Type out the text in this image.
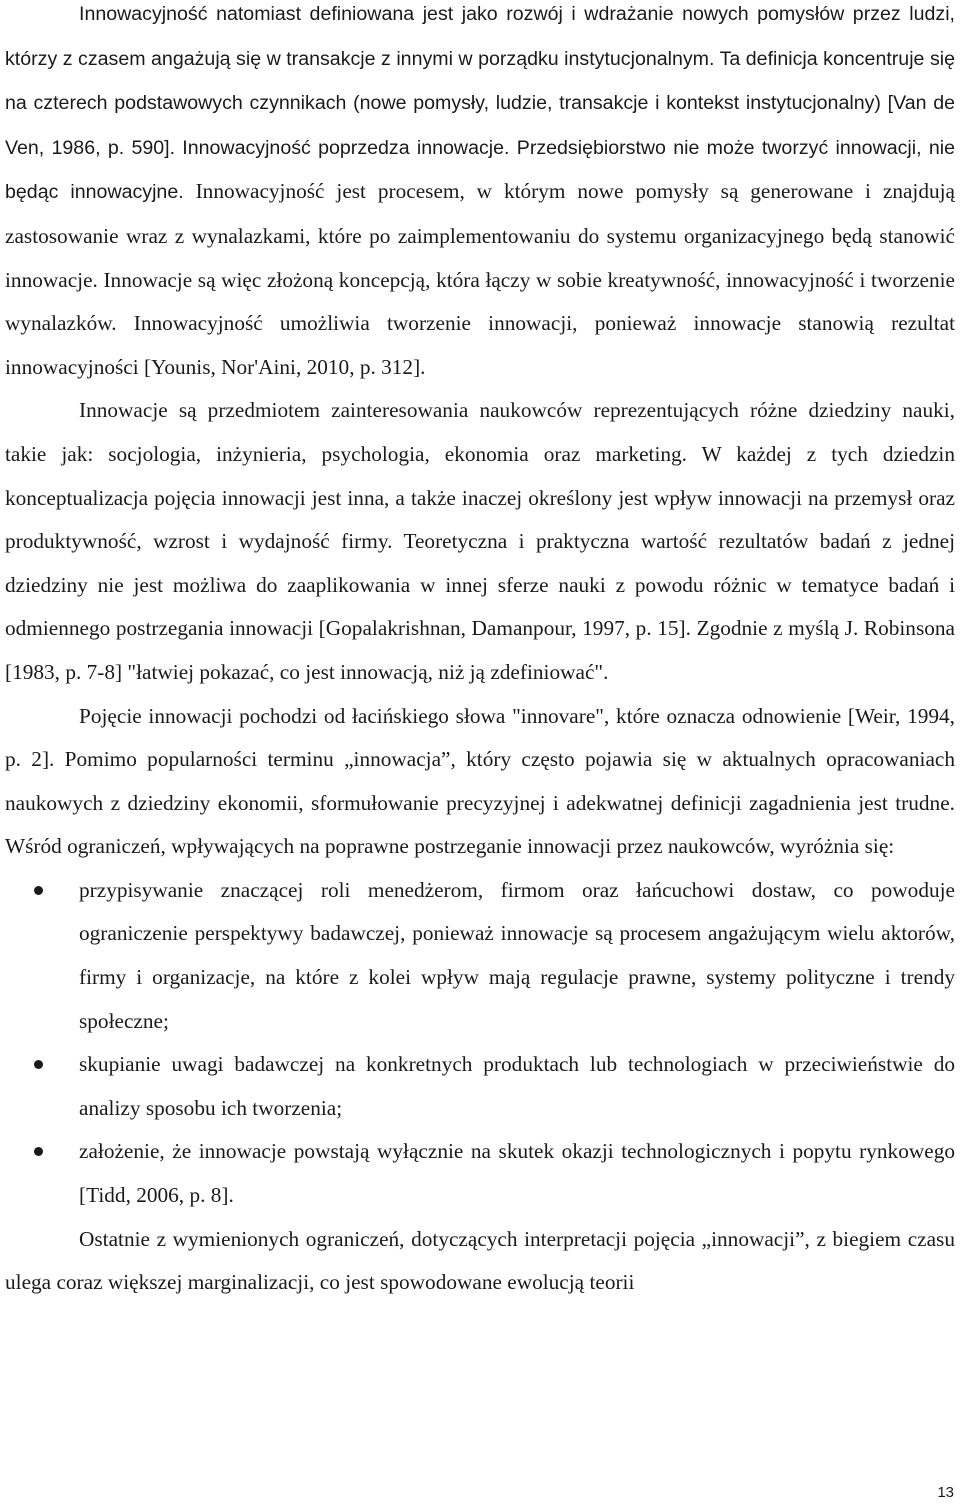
Innowacyjność natomiast definiowana jest jako rozwój i wdrażanie nowych pomysłów przez ludzi, którzy z czasem angażują się w transakcje z innymi w porządku instytucjonalnym. Ta definicja koncentruje się na czterech podstawowych czynnikach (nowe pomysły, ludzie, transakcje i kontekst instytucjonalny) [Van de Ven, 1986, p. 590]. Innowacyjność poprzedza innowacje. Przedsiębiorstwo nie może tworzyć innowacji, nie będąc innowacyjne. Innowacyjność jest procesem, w którym nowe pomysły są generowane i znajdują zastosowanie wraz z wynalazkami, które po zaimplementowaniu do systemu organizacyjnego będą stanowić innowacje. Innowacje są więc złożoną koncepcją, która łączy w sobie kreatywność, innowacyjność i tworzenie wynalazków. Innowacyjność umożliwia tworzenie innowacji, ponieważ innowacje stanowią rezultat innowacyjności [Younis, Nor'Aini, 2010, p. 312].

Innowacje są przedmiotem zainteresowania naukowców reprezentujących różne dziedziny nauki, takie jak: socjologia, inżynieria, psychologia, ekonomia oraz marketing. W każdej z tych dziedzin konceptualizacja pojęcia innowacji jest inna, a także inaczej określony jest wpływ innowacji na przemysł oraz produktywność, wzrost i wydajność firmy. Teoretyczna i praktyczna wartość rezultatów badań z jednej dziedziny nie jest możliwa do zaaplikowania w innej sferze nauki z powodu różnic w tematyce badań i odmiennego postrzegania innowacji [Gopalakrishnan, Damanpour, 1997, p. 15]. Zgodnie z myślą J. Robinsona [1983, p. 7-8] "łatwiej pokazać, co jest innowacją, niż ją zdefiniować".

Pojęcie innowacji pochodzi od łacińskiego słowa "innovare", które oznacza odnowienie [Weir, 1994, p. 2]. Pomimo popularności terminu „innowacja”, który często pojawia się w aktualnych opracowaniach naukowych z dziedziny ekonomii, sformułowanie precyzyjnej i adekwatnej definicji zagadnienia jest trudne. Wśród ograniczeń, wpływających na poprawne postrzeganie innowacji przez naukowców, wyróżnia się:

przypisywanie znaczącej roli menedżerom, firmom oraz łańcuchowi dostaw, co powoduje ograniczenie perspektywy badawczej, ponieważ innowacje są procesem angażującym wielu aktorów, firmy i organizacje, na które z kolei wpływ mają regulacje prawne, systemy polityczne i trendy społeczne;
skupianie uwagi badawczej na konkretnych produktach lub technologiach w przeciwieństwie do analizy sposobu ich tworzenia;
założenie, że innowacje powstają wyłącznie na skutek okazji technologicznych i popytu rynkowego [Tidd, 2006, p. 8].

Ostatnie z wymienionych ograniczeń, dotyczących interpretacji pojęcia „innowacji”, z biegiem czasu ulega coraz większej marginalizacji, co jest spowodowane ewolucją teorii

13
